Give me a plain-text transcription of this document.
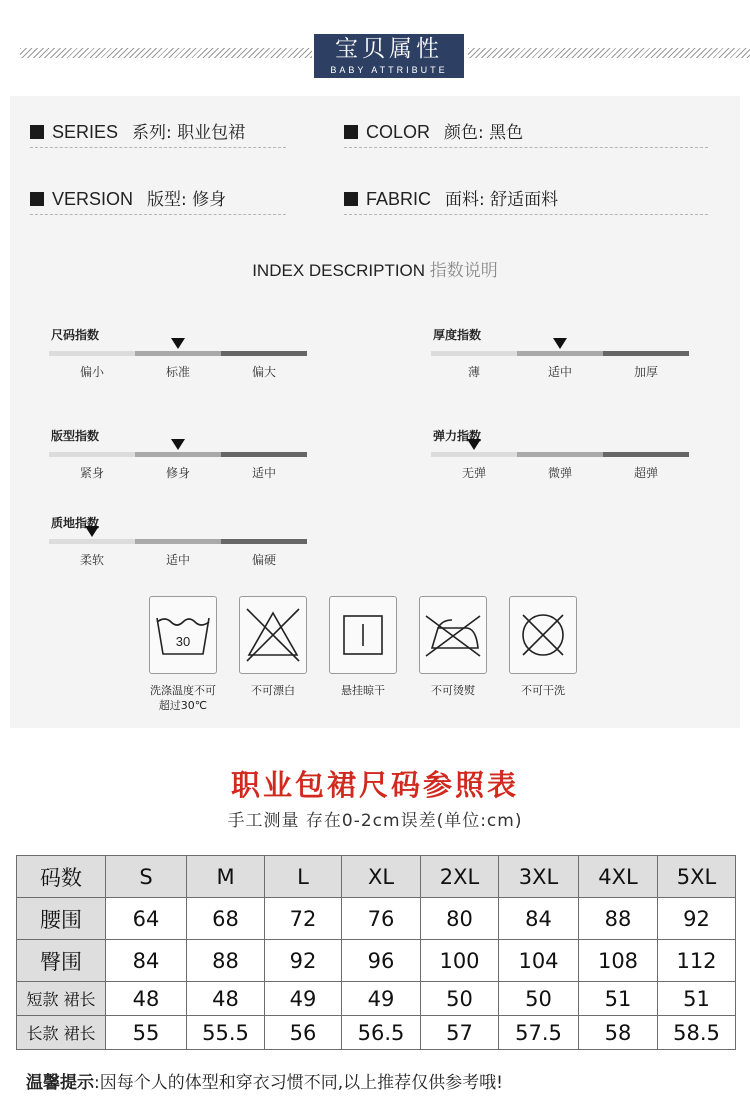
宝贝属性
BABY ATTRIBUTE
SERIES 系列: 职业包裙	COLOR 颜色: 黑色
VERSION 版型: 修身	FABRIC 面料: 舒适面料
INDEX DESCRIPTION 指数说明
尺码指数
偏小	标准	偏大
厚度指数
薄	适中	加厚
版型指数
紧身	修身	适中
弹力指数
无弹	微弹	超弹
质地指数
柔软	适中	偏硬
30
洗涤温度不可
超过30℃
不可漂白	悬挂晾干	不可烫熨	不可干洗
职业包裙尺码参照表
手工测量 存在0-2cm误差(单位:cm)
码数	S	M	L	XL	2XL	3XL	4XL	5XL
腰围	64	68	72	76	80	84	88	92
臀围	84	88	92	96	100	104	108	112
短款 裙长	48	48	49	49	50	50	51	51
长款 裙长	55	55.5	56	56.5	57	57.5	58	58.5
温馨提示:因每个人的体型和穿衣习惯不同,以上推荐仅供参考哦!
